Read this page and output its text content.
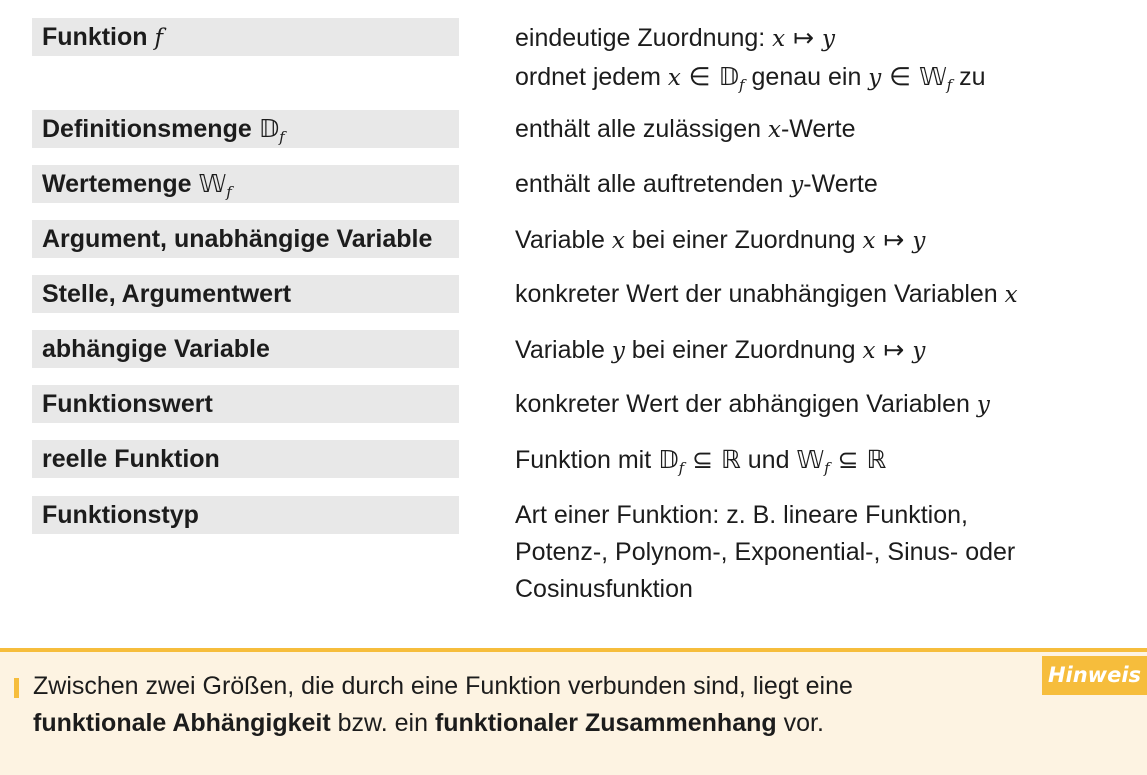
Funktion f	eindeutige Zuordnung: x ↦ y
ordnet jedem x ∈ 𝔻$_f$ genau ein y ∈ 𝕎$_f$ zu
Definitionsmenge 𝔻$_f$	enthält alle zulässigen x-Werte
Wertemenge 𝕎$_f$	enthält alle auftretenden y-Werte
Argument, unabhängige Variable	Variable x bei einer Zuordnung x ↦ y
Stelle, Argumentwert	konkreter Wert der unabhängigen Variablen x
abhängige Variable	Variable y bei einer Zuordnung x ↦ y
Funktionswert	konkreter Wert der abhängigen Variablen y
reelle Funktion	Funktion mit 𝔻$_f$ ⊆ ℝ und 𝕎$_f$ ⊆ ℝ
Funktionstyp	Art einer Funktion: z. B. lineare Funktion,
Potenz-, Polynom-, Exponential-, Sinus- oder
Cosinusfunktion
Hinweis
Zwischen zwei Größen, die durch eine Funktion verbunden sind, liegt eine
funktionale Abhängigkeit bzw. ein funktionaler Zusammenhang vor.
